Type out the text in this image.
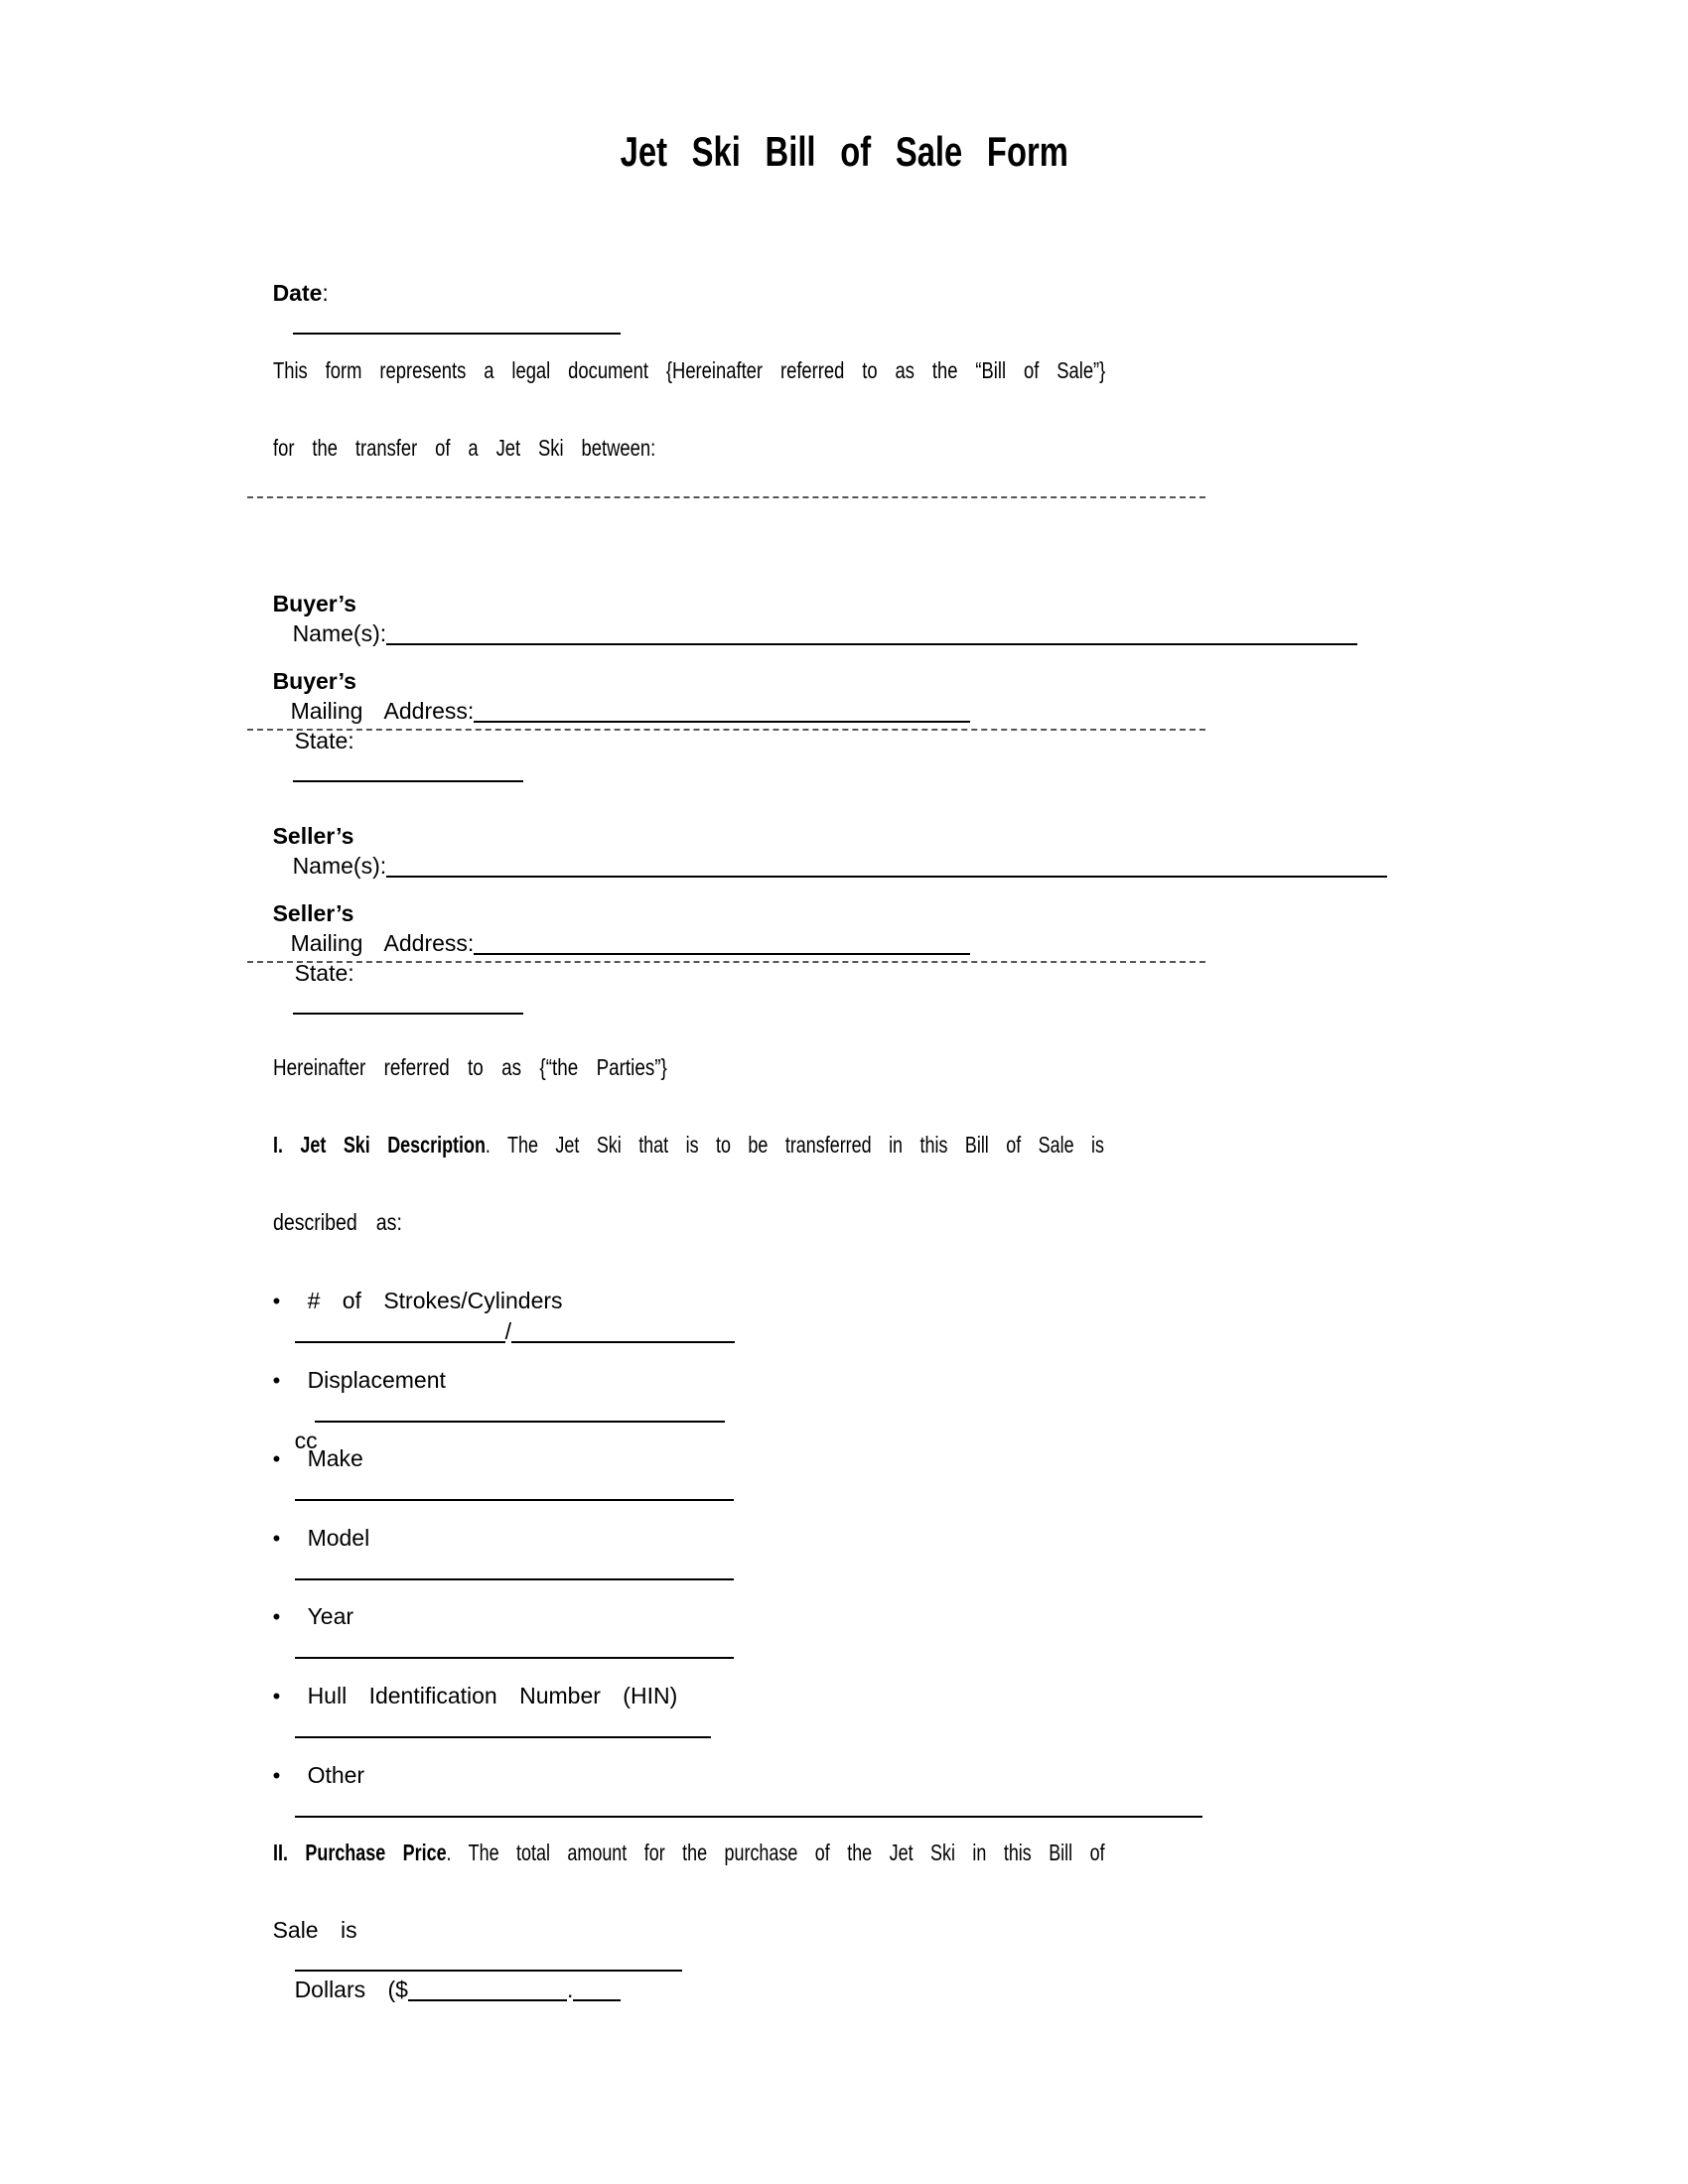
Jet Ski Bill of Sale Form

Date:

This form represents a legal document {Hereinafter referred to as the “Bill of Sale”}

for the transfer of a Jet Ski between:

Buyer’s
Name(s):

Buyer’s
Mailing Address:
State:

Seller’s
Name(s):

Seller’s
Mailing Address:
State:

Hereinafter referred to as {“the Parties”}

I. Jet Ski Description. The Jet Ski that is to be transferred in this Bill of Sale is

described as:

• # of Strokes/Cylinders
/

• Displacement

cc

• Make

• Model

• Year

• Hull Identification Number (HIN)

• Other

II. Purchase Price. The total amount for the purchase of the Jet Ski in this Bill of

Sale is

Dollars ($	.
